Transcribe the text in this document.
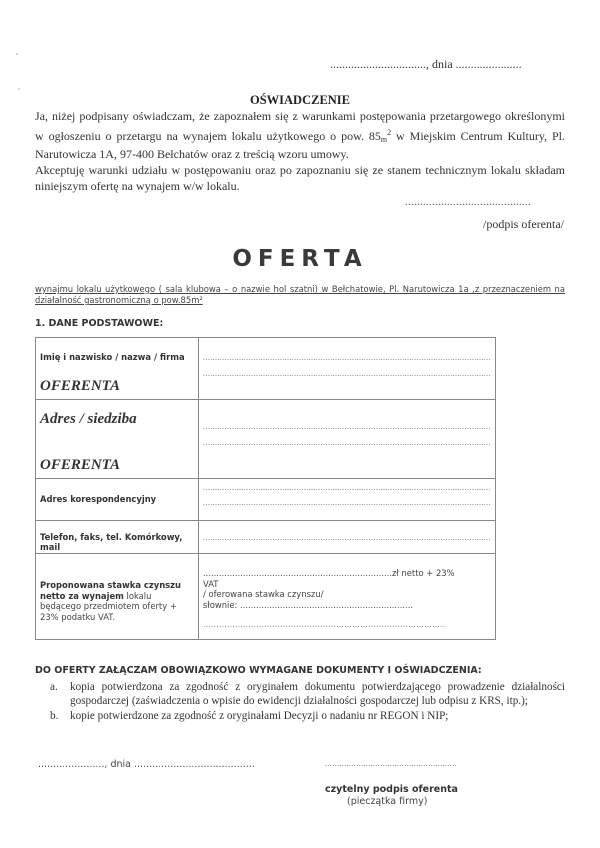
................................, dnia ......................
OŚWIADCZENIE
Ja, niżej podpisany oświadczam, że zapoznałem się z warunkami postępowania przetargowego określonymi w ogłoszeniu o przetargu na wynajem lokalu użytkowego o pow. $85_m^2$ w Miejskim Centrum Kultury, Pl. Narutowicza 1A, 97-400 Bełchatów oraz z treścią wzoru umowy.
Akceptuję warunki udziału w postępowaniu oraz po zapoznaniu się ze stanem technicznym lokalu składam niniejszym ofertę na wynajem w/w lokalu.
..........................................
/podpis oferenta/
OFERTA
wynajmu lokalu użytkowego ( sala klubowa – o nazwie hol szatni) w Bełchatowie, Pl. Narutowicza 1a ,z przeznaczeniem na działalność gastronomiczną o pow.85m²
1. DANE PODSTAWOWE:
Imię i nazwisko / nazwa / firma
OFERENTA

........................................................................................................................
........................................................................................................................

Adres / siedziba
OFERENTA

........................................................................................................................
........................................................................................................................

Adres korespondencyjny	........................................................................................................................
........................................................................................................................

Telefon, faks, tel. Komórkowy, mail	........................................................................................................................

Proponowana stawka czynszu netto za wynajem lokalu będącego przedmiotem oferty + 23% podatku VAT.	.......................................................................zł netto + 23%
VAT
/ oferowana stawka czynszu/
słownie: .................................................................
...........................................................................................
DO OFERTY ZAŁĄCZAM OBOWIĄZKOWO WYMAGANE DOKUMENTY I OŚWIADCZENIA:
a. kopia potwierdzona za zgodność z oryginałem dokumentu potwierdzającego prowadzenie działalności gospodarczej (zaświadczenia o wpisie do ewidencji działalności gospodarczej lub odpisu z KRS, itp.);
b. kopie potwierdzone za zgodność z oryginałami Decyzji o nadaniu nr REGON i NIP;
......................, dnia ........................................	.......................................................
czytelny podpis oferenta
(pieczątka firmy)
